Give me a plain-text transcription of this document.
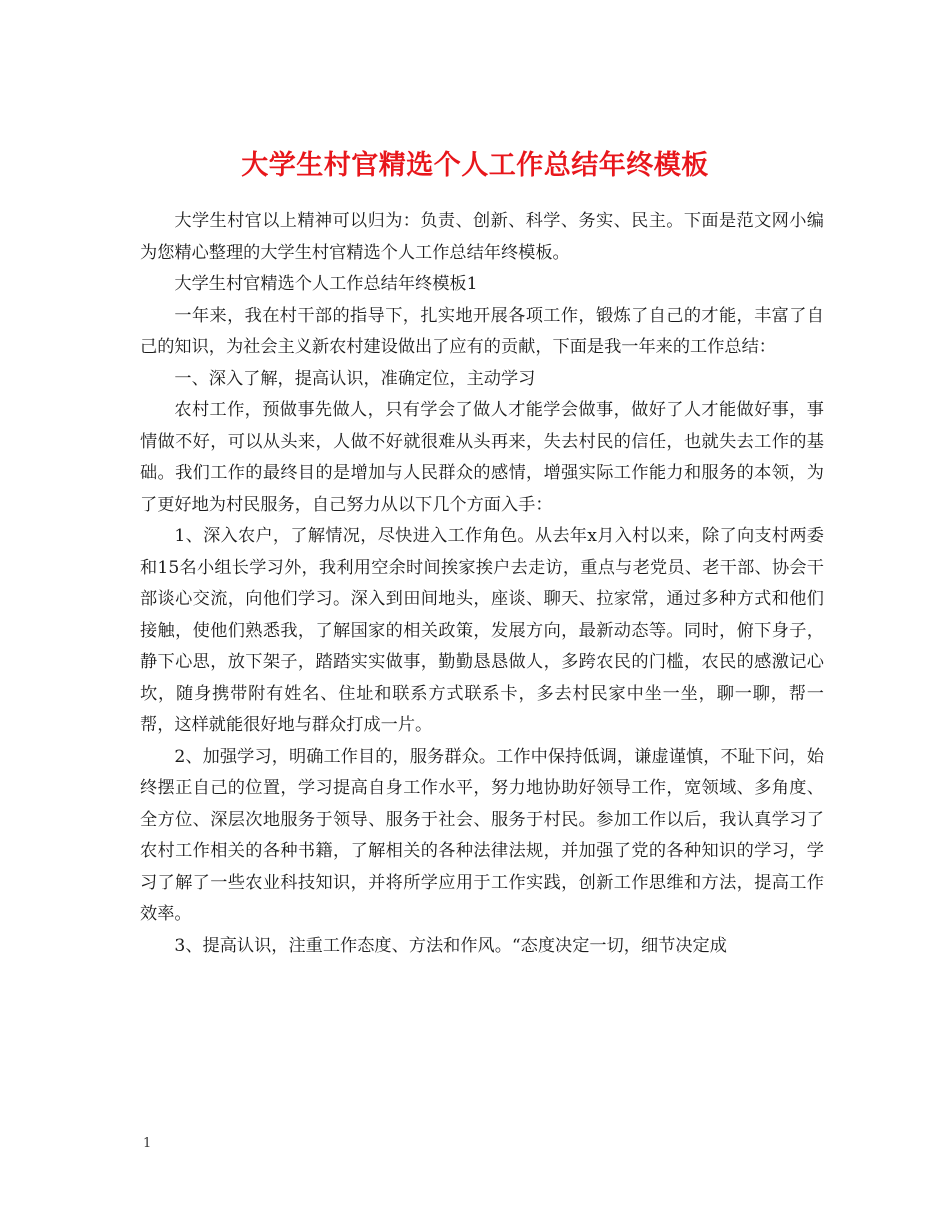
大学生村官精选个人工作总结年终模板

大学生村官以上精神可以归为：负责、创新、科学、务实、民主。下面是范文网小编为您精心整理的大学生村官精选个人工作总结年终模板。

大学生村官精选个人工作总结年终模板1

一年来，我在村干部的指导下，扎实地开展各项工作，锻炼了自己的才能，丰富了自己的知识，为社会主义新农村建设做出了应有的贡献，下面是我一年来的工作总结：

一、深入了解，提高认识，准确定位，主动学习

农村工作，预做事先做人，只有学会了做人才能学会做事，做好了人才能做好事，事情做不好，可以从头来，人做不好就很难从头再来，失去村民的信任，也就失去工作的基础。我们工作的最终目的是增加与人民群众的感情，增强实际工作能力和服务的本领，为了更好地为村民服务，自己努力从以下几个方面入手：

1、深入农户，了解情况，尽快进入工作角色。从去年x月入村以来，除了向支村两委和15名小组长学习外，我利用空余时间挨家挨户去走访，重点与老党员、老干部、协会干部谈心交流，向他们学习。深入到田间地头，座谈、聊天、拉家常，通过多种方式和他们接触，使他们熟悉我，了解国家的相关政策，发展方向，最新动态等。同时，俯下身子，静下心思，放下架子，踏踏实实做事，勤勤恳恳做人，多跨农民的门槛，农民的感激记心坎，随身携带附有姓名、住址和联系方式联系卡，多去村民家中坐一坐，聊一聊，帮一帮，这样就能很好地与群众打成一片。

2、加强学习，明确工作目的，服务群众。工作中保持低调，谦虚谨慎，不耻下问，始终摆正自己的位置，学习提高自身工作水平，努力地协助好领导工作，宽领域、多角度、全方位、深层次地服务于领导、服务于社会、服务于村民。参加工作以后，我认真学习了农村工作相关的各种书籍，了解相关的各种法律法规，并加强了党的各种知识的学习，学习了解了一些农业科技知识，并将所学应用于工作实践，创新工作思维和方法，提高工作效率。

3、提高认识，注重工作态度、方法和作风。“态度决定一切，细节决定成

1
